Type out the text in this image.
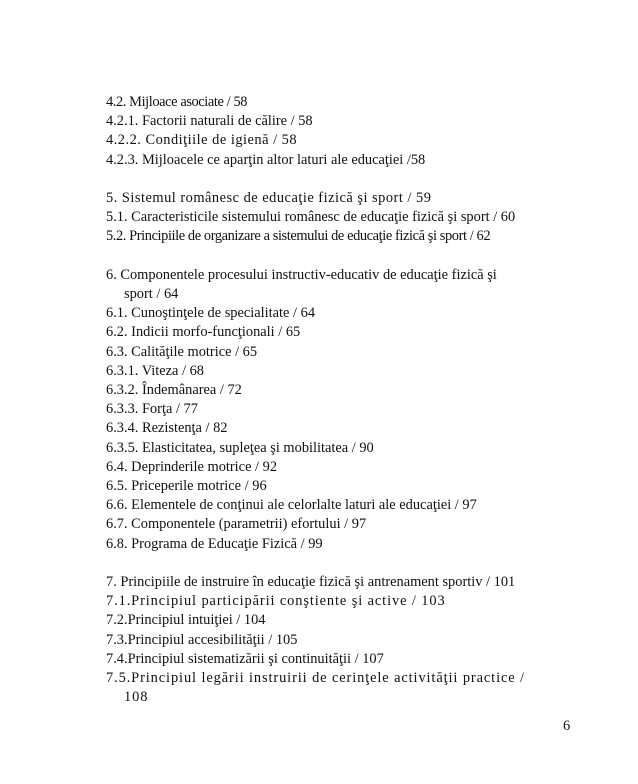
4.2. Mijloace asociate / 58
4.2.1. Factorii naturali de călire / 58
4.2.2. Condiţiile de igienă / 58
4.2.3. Mijloacele ce aparţin altor laturi ale educaţiei /58
5. Sistemul românesc de educaţie fizică şi sport / 59
5.1. Caracteristicile sistemului românesc de educaţie fizică şi sport / 60
5.2. Principiile de organizare a sistemului de educaţie fizică şi sport / 62
6. Componentele procesului instructiv-educativ de educaţie fizică şi
sport / 64
6.1. Cunoştinţele de specialitate / 64
6.2. Indicii morfo-funcţionali / 65
6.3. Calităţile motrice / 65
6.3.1. Viteza / 68
6.3.2. Îndemânarea / 72
6.3.3. Forţa / 77
6.3.4. Rezistenţa / 82
6.3.5. Elasticitatea, supleţea şi mobilitatea / 90
6.4. Deprinderile motrice / 92
6.5. Priceperile motrice / 96
6.6. Elementele de conţinui ale celorlalte laturi ale educaţiei / 97
6.7. Componentele (parametrii) efortului / 97
6.8. Programa de Educaţie Fizică / 99
7. Principiile de instruire în educaţie fizică şi antrenament sportiv / 101
7.1.Principiul participării conştiente şi active / 103
7.2.Principiul intuiţiei / 104
7.3.Principiul accesibilităţii / 105
7.4.Principiul sistematizării şi continuităţii / 107
7.5.Principiul legării instruirii de cerinţele activităţii practice /
108
6
